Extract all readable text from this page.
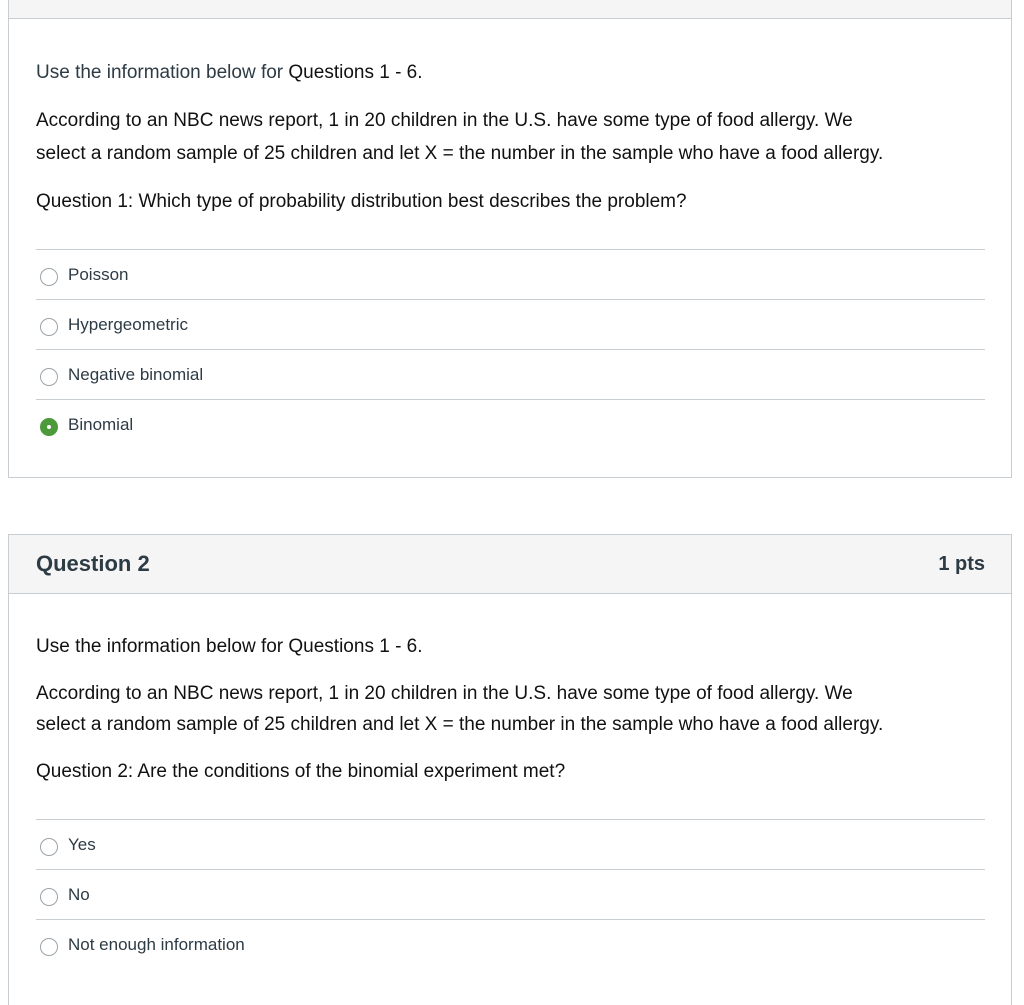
Use the information below for Questions 1 - 6.

According to an NBC news report, 1 in 20 children in the U.S. have some type of food allergy. We

select a random sample of 25 children and let X = the number in the sample who have a food allergy.

Question 1: Which type of probability distribution best describes the problem?

Poisson
Hypergeometric
Negative binomial
Binomial
Question 2	1 pts

Use the information below for Questions 1 - 6.

According to an NBC news report, 1 in 20 children in the U.S. have some type of food allergy. We

select a random sample of 25 children and let X = the number in the sample who have a food allergy.

Question 2: Are the conditions of the binomial experiment met?

Yes
No
Not enough information
